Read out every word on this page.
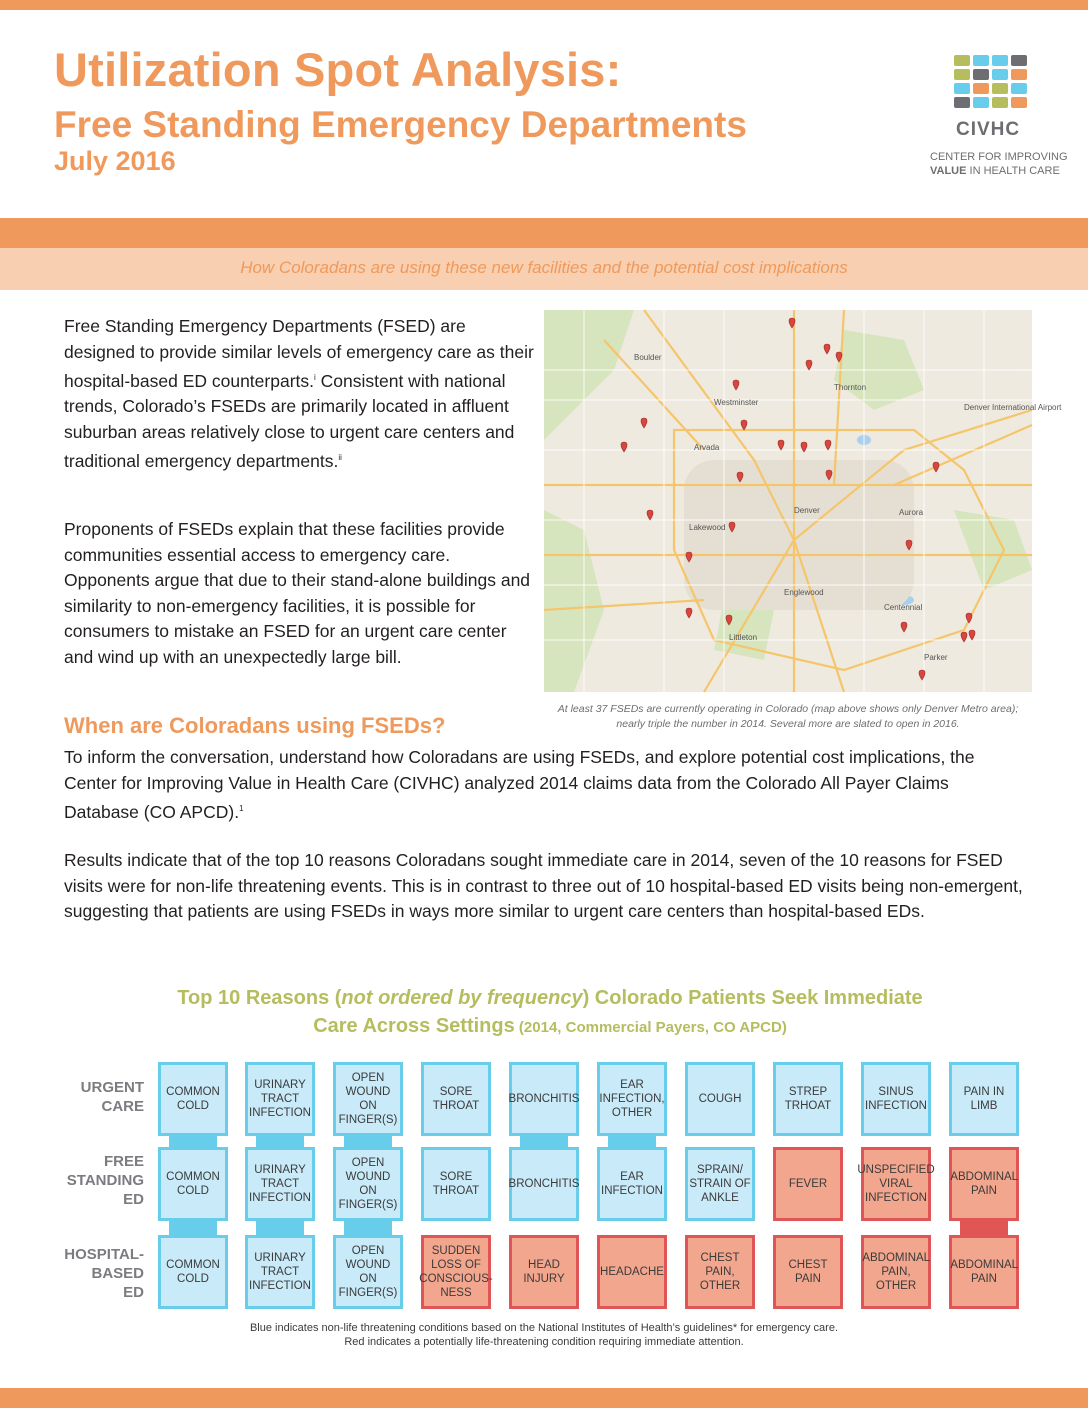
Utilization Spot Analysis:
Free Standing Emergency Departments
July 2016
CIVHC
CENTER FOR IMPROVING
VALUE IN HEALTH CARE
How Coloradans are using these new facilities and the potential cost implications
Free Standing Emergency Departments (FSED) are designed to provide similar levels of emergency care as their hospital-based ED counterparts.$^i$ Consistent with national trends, Colorado’s FSEDs are primarily located in affluent suburban areas relatively close to urgent care centers and traditional emergency departments.$^{ii}$
Proponents of FSEDs explain that these facilities provide communities essential access to emergency care. Opponents argue that due to their stand-alone buildings and similarity to non-emergency facilities, it is possible for consumers to mistake an FSED for an urgent care center and wind up with an unexpectedly large bill.
Denver
Lakewood
Aurora
Boulder
Arvada
Westminster
Thornton
Englewood
Littleton
Centennial
Parker
Denver International Airport
At least 37 FSEDs are currently operating in Colorado (map above shows only Denver Metro area); nearly triple the number in 2014. Several more are slated to open in 2016.
When are Coloradans using FSEDs?
To inform the conversation, understand how Coloradans are using FSEDs, and explore potential cost implications, the Center for Improving Value in Health Care (CIVHC) analyzed 2014 claims data from the Colorado All Payer Claims Database (CO APCD).$^1$
Results indicate that of the top 10 reasons Coloradans sought immediate care in 2014, seven of the 10 reasons for FSED visits were for non-life threatening events. This is in contrast to three out of 10 hospital-based ED visits being non-emergent, suggesting that patients are using FSEDs in ways more similar to urgent care centers than hospital-based EDs.
Top 10 Reasons (not ordered by frequency) Colorado Patients Seek Immediate
Care Across Settings (2014, Commercial Payers, CO APCD)
URGENT
CARE
FREE
STANDING
ED
HOSPITAL-
BASED
ED
COMMON COLD
URINARY TRACT INFECTION
OPEN WOUND ON FINGER(S)
SORE THROAT
BRONCHITIS
EAR INFECTION, OTHER
COUGH
STREP TRHOAT
SINUS INFECTION
PAIN IN LIMB
COMMON COLD
URINARY TRACT INFECTION
OPEN WOUND ON FINGER(S)
SORE THROAT
BRONCHITIS
EAR INFECTION
SPRAIN/ STRAIN OF ANKLE
FEVER
UNSPECIFIED VIRAL INFECTION
ABDOMINAL PAIN
COMMON COLD
URINARY TRACT INFECTION
OPEN WOUND ON FINGER(S)
SUDDEN LOSS OF CONSCIOUS-NESS
HEAD INJURY
HEADACHE
CHEST PAIN, OTHER
CHEST PAIN
ABDOMINAL PAIN, OTHER
ABDOMINAL PAIN
Blue indicates non-life threatening conditions based on the National Institutes of Health’s guidelines* for emergency care.
Red indicates a potentially life-threatening condition requiring immediate attention.
